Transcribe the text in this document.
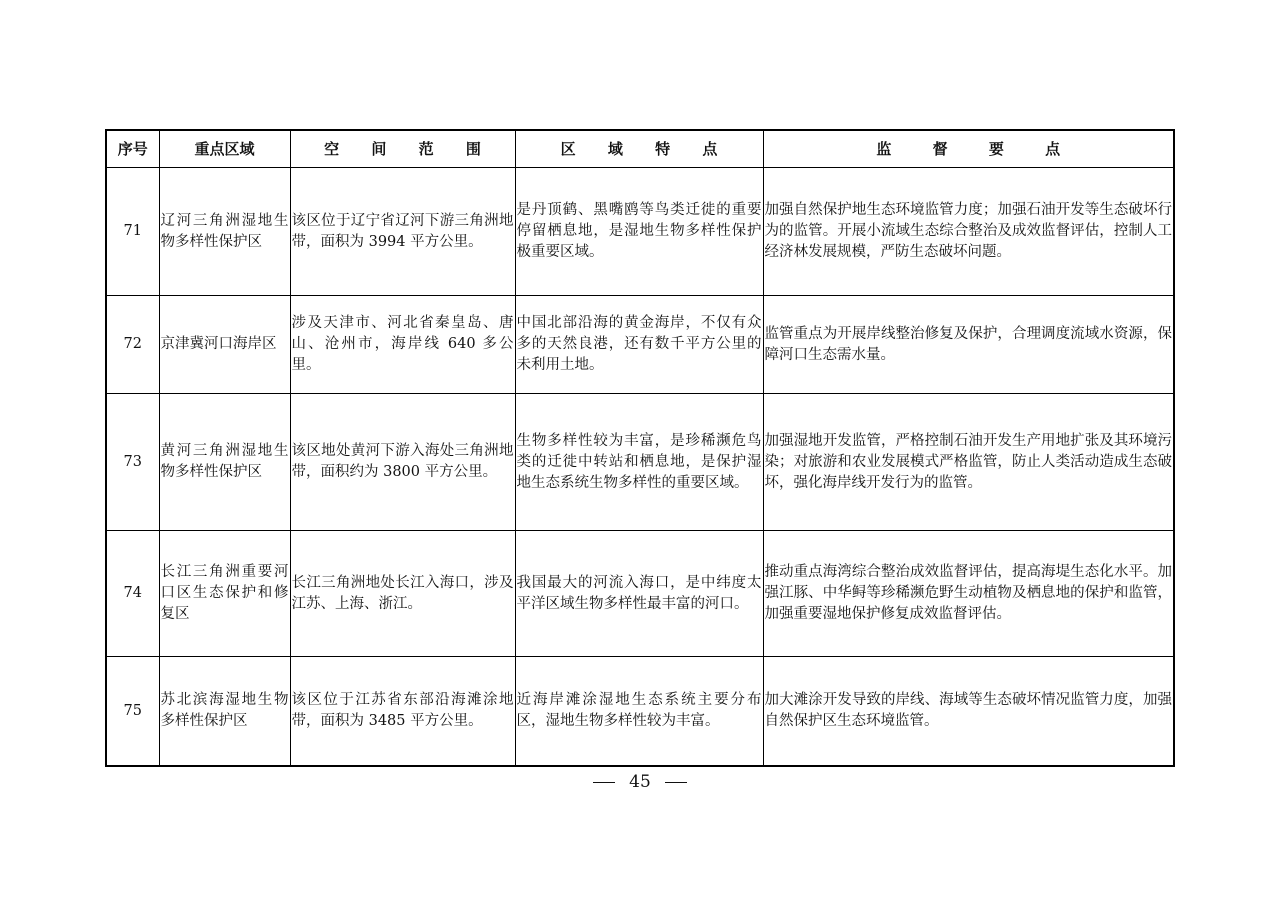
序号	重点区域	空 间 范 围	区 域 特 点	监 督 要 点
71	辽河三角洲湿地生物多样性保护区	该区位于辽宁省辽河下游三角洲地带，面积为 3994 平方公里。	是丹顶鹤、黑嘴鸥等鸟类迁徙的重要停留栖息地，是湿地生物多样性保护极重要区域。	加强自然保护地生态环境监管力度；加强石油开发等生态破坏行为的监管。开展小流域生态综合整治及成效监督评估，控制人工经济林发展规模，严防生态破坏问题。
72	京津冀河口海岸区	涉及天津市、河北省秦皇岛、唐山、沧州市，海岸线 640 多公里。	中国北部沿海的黄金海岸，不仅有众多的天然良港，还有数千平方公里的未利用土地。	监管重点为开展岸线整治修复及保护，合理调度流域水资源，保障河口生态需水量。
73	黄河三角洲湿地生物多样性保护区	该区地处黄河下游入海处三角洲地带，面积约为 3800 平方公里。	生物多样性较为丰富，是珍稀濒危鸟类的迁徙中转站和栖息地，是保护湿地生态系统生物多样性的重要区域。	加强湿地开发监管，严格控制石油开发生产用地扩张及其环境污染；对旅游和农业发展模式严格监管，防止人类活动造成生态破坏，强化海岸线开发行为的监管。
74	长江三角洲重要河口区生态保护和修复区	长江三角洲地处长江入海口，涉及江苏、上海、浙江。	我国最大的河流入海口，是中纬度太平洋区域生物多样性最丰富的河口。	推动重点海湾综合整治成效监督评估，提高海堤生态化水平。加强江豚、中华鲟等珍稀濒危野生动植物及栖息地的保护和监管，加强重要湿地保护修复成效监督评估。
75	苏北滨海湿地生物多样性保护区	该区位于江苏省东部沿海滩涂地带，面积为 3485 平方公里。	近海岸滩涂湿地生态系统主要分布区，湿地生物多样性较为丰富。	加大滩涂开发导致的岸线、海域等生态破坏情况监管力度，加强自然保护区生态环境监管。
45
